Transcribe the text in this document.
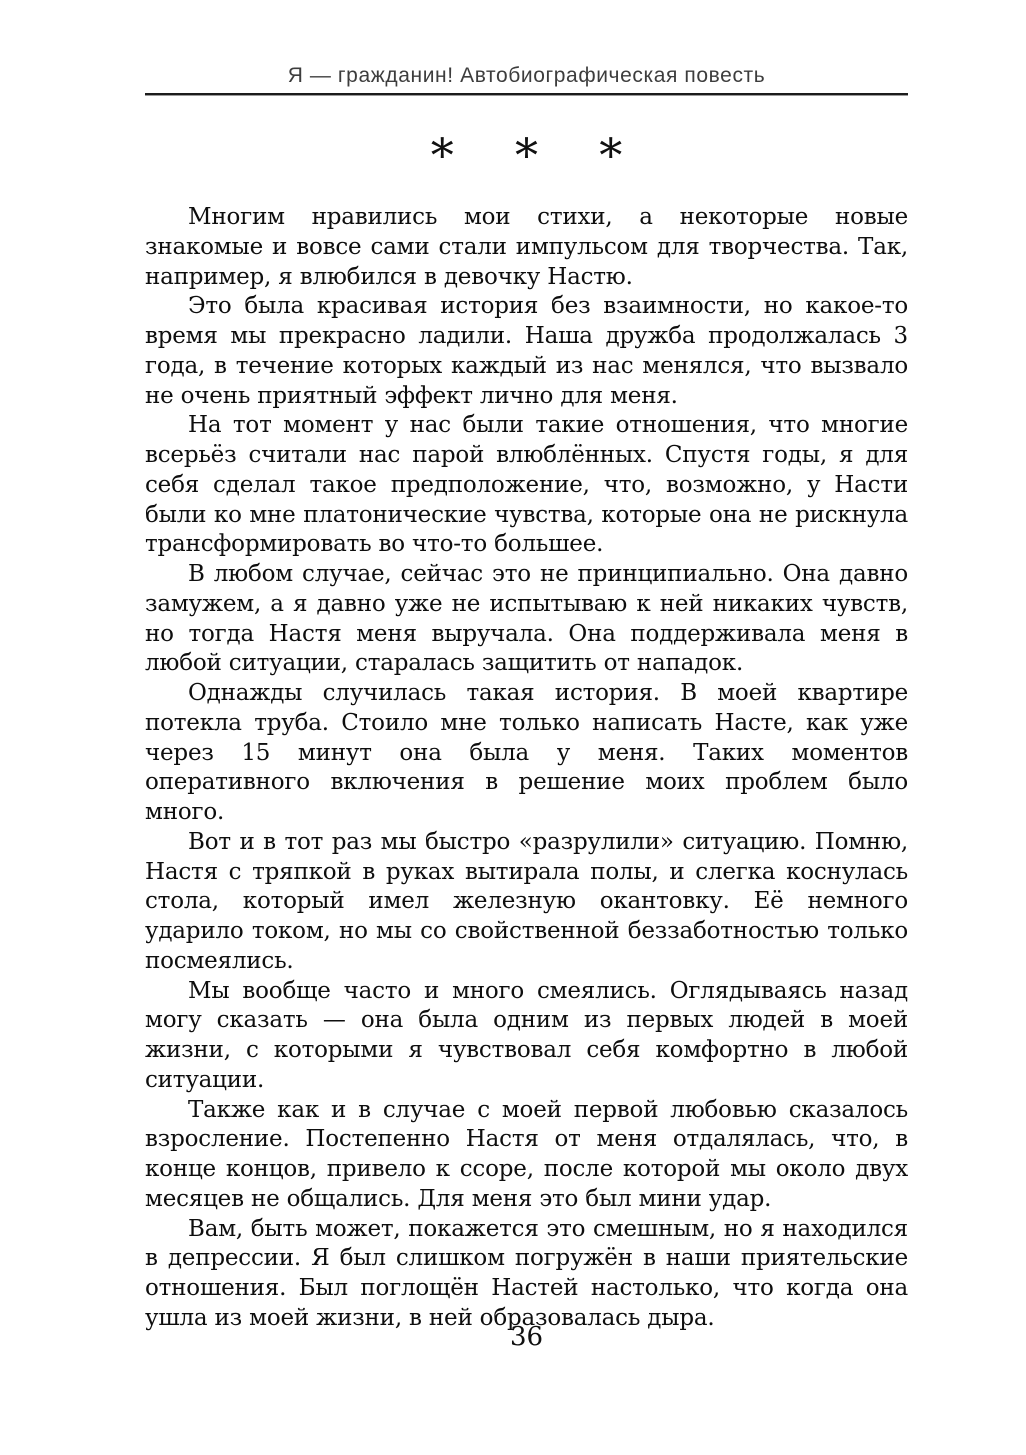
Я — гражданин! Автобиографическая повесть
*  *  *

Многим нравились мои стихи, а некоторые новые знакомые и вовсе сами стали импульсом для творчества. Так, например, я влюбился в девочку Настю.

Это была красивая история без взаимности, но какое-то время мы прекрасно ладили. Наша дружба продолжалась 3 года, в течение которых каждый из нас менялся, что вызвало не очень приятный эффект лично для меня.

На тот момент у нас были такие отношения, что многие всерьёз считали нас парой влюблённых. Спустя годы, я для себя сделал такое предположение, что, возможно, у Насти были ко мне платонические чувства, которые она не рискнула трансформировать во что-то большее.

В любом случае, сейчас это не принципиально. Она давно замужем, а я давно уже не испытываю к ней никаких чувств, но тогда Настя меня выручала. Она поддерживала меня в любой ситуации, старалась защитить от нападок.

Однажды случилась такая история. В моей квартире потекла труба. Стоило мне только написать Насте, как уже через 15 минут она была у меня. Таких моментов оперативного включения в решение моих проблем было много.

Вот и в тот раз мы быстро «разрулили» ситуацию. Помню, Настя с тряпкой в руках вытирала полы, и слегка коснулась стола, который имел железную окантовку. Её немного ударило током, но мы со свойственной беззаботностью только посмеялись.

Мы вообще часто и много смеялись. Оглядываясь назад могу сказать — она была одним из первых людей в моей жизни, с которыми я чувствовал себя комфортно в любой ситуации.

Также как и в случае с моей первой любовью сказалось взросление. Постепенно Настя от меня отдалялась, что, в конце концов, привело к ссоре, после которой мы около двух месяцев не общались. Для меня это был мини удар.

Вам, быть может, покажется это смешным, но я находился в депрессии. Я был слишком погружён в наши приятельские отношения. Был поглощён Настей настолько, что когда она ушла из моей жизни, в ней образовалась дыра.

36
